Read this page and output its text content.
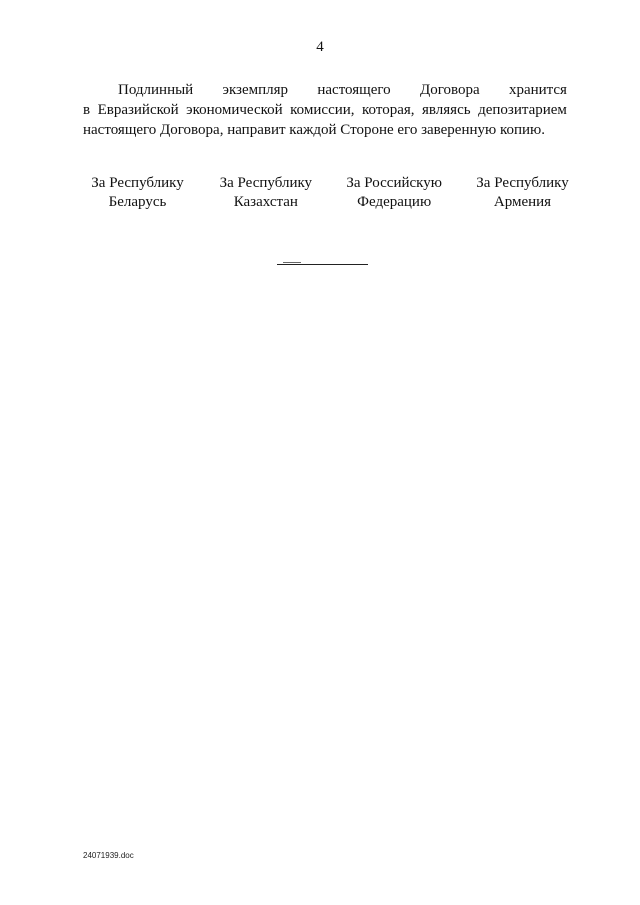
4
Подлинный экземпляр настоящего Договора хранится
в Евразийской экономической комиссии, которая, являясь депозитарием
настоящего Договора, направит каждой Стороне его заверенную копию.
За Республику
Беларусь
За Республику
Казахстан
За Российскую
Федерацию
За Республику
Армения
24071939.doc
